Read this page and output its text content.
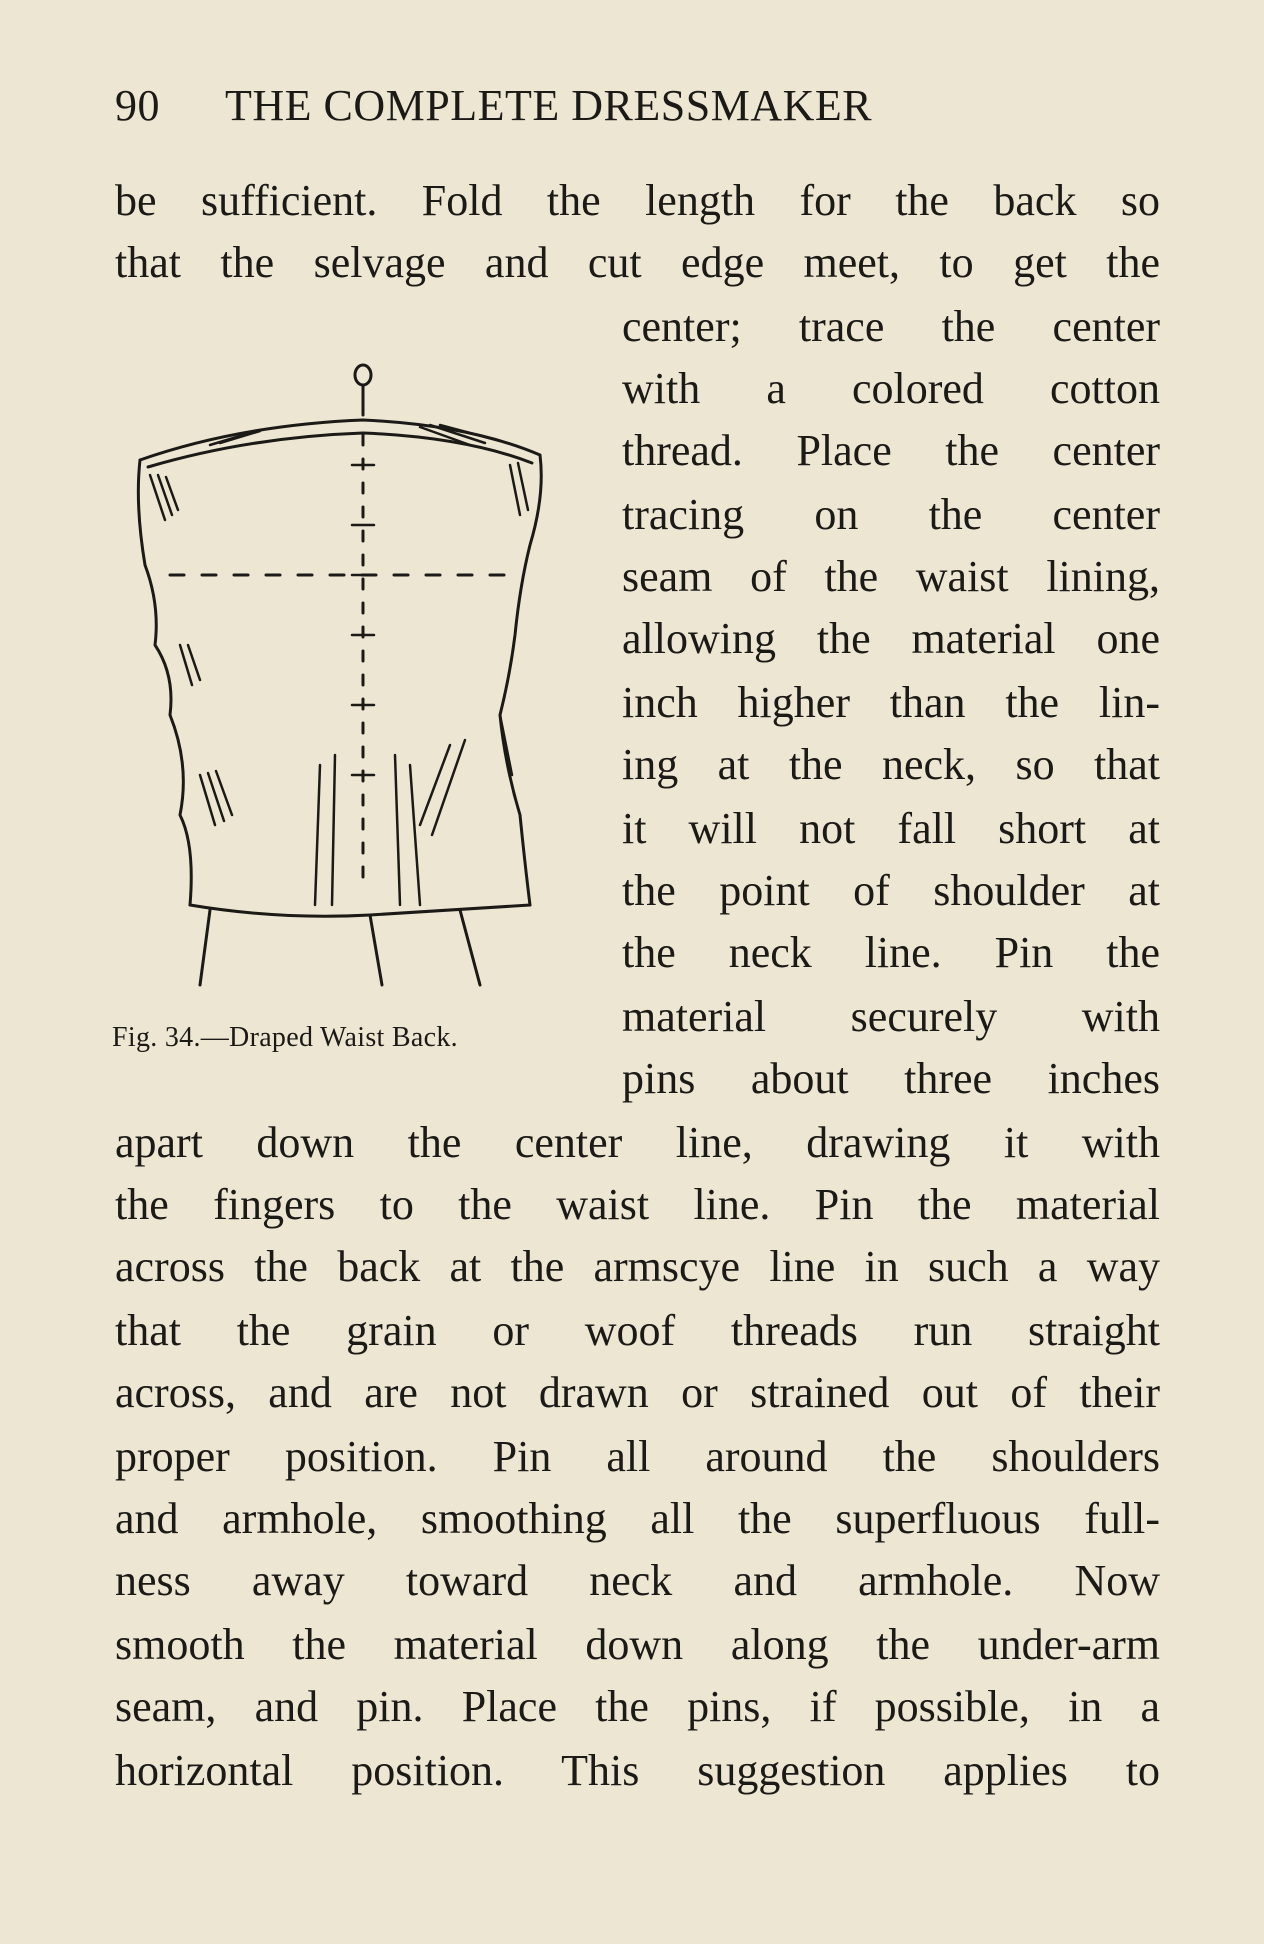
90 THE COMPLETE DRESSMAKER
be sufficient. Fold the length for the back so
that the selvage and cut edge meet, to get the
center; trace the center
with a colored cotton
thread. Place the center
tracing on the center
seam of the waist lining,
allowing the material one
inch higher than the lin-
ing at the neck, so that
it will not fall short at
the point of shoulder at
the neck line. Pin the
material securely with
pins about three inches
apart down the center line, drawing it with
the fingers to the waist line. Pin the material
across the back at the armscye line in such a way
that the grain or woof threads run straight
across, and are not drawn or strained out of their
proper position. Pin all around the shoulders
and armhole, smoothing all the superfluous full-
ness away toward neck and armhole. Now
smooth the material down along the under-arm
seam, and pin. Place the pins, if possible, in a
horizontal position. This suggestion applies to
Fig. 34.—Draped Waist Back.
